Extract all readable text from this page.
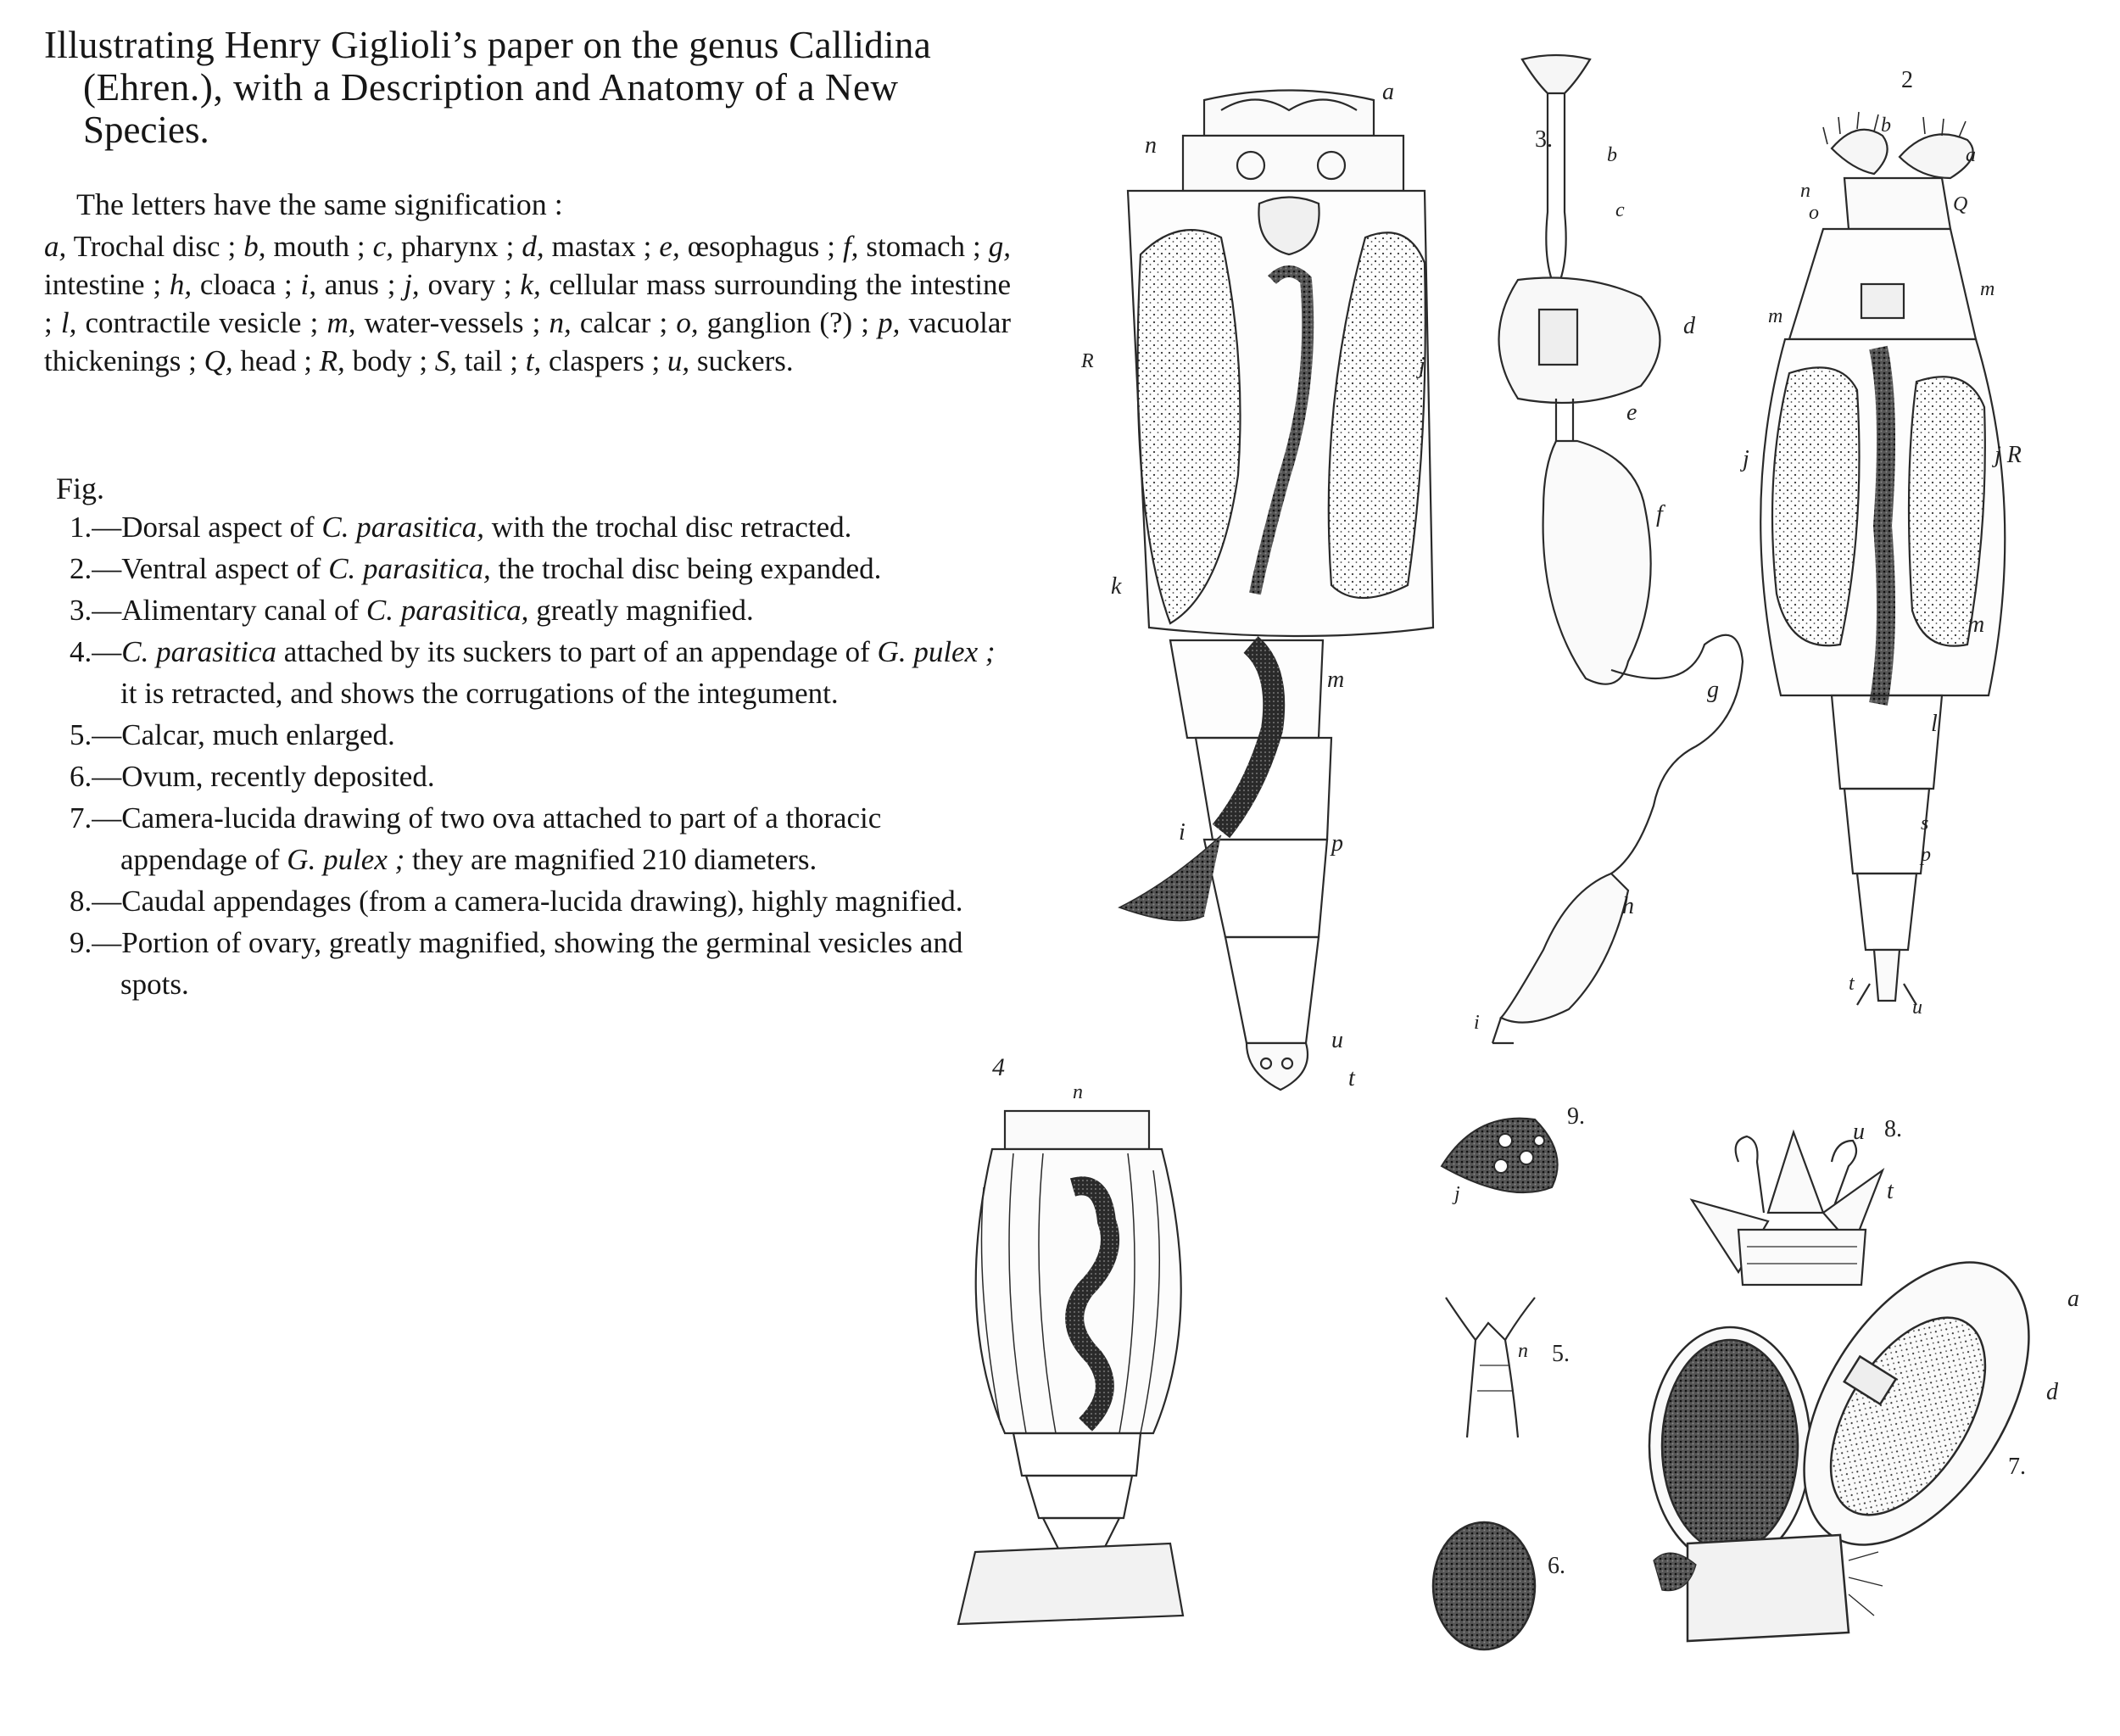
Illustrating Henry Giglioli’s paper on the genus Callidina
(Ehren.), with a Description and Anatomy of a New
Species.
The letters have the same signification :
a, Trochal disc ; b, mouth ; c, pharynx ; d, mastax ; e, œsophagus ; f, stomach ; g, intestine ; h, cloaca ; i, anus ; j, ovary ; k, cellular mass surrounding the intestine ; l, contractile vesicle ; m, water-vessels ; n, calcar ; o, ganglion (?) ; p, vacuolar thickenings ; Q, head ; R, body ; S, tail ; t, claspers ; u, suckers.
Fig.
1.—Dorsal aspect of C. parasitica, with the trochal disc retracted.
2.—Ventral aspect of C. parasitica, the trochal disc being expanded.
3.—Alimentary canal of C. parasitica, greatly magnified.
4.—C. parasitica attached by its suckers to part of an appendage of G. pulex ; it is retracted, and shows the corrugations of the integument.
5.—Calcar, much enlarged.
6.—Ovum, recently deposited.
7.—Camera-lucida drawing of two ova attached to part of a thoracic appendage of G. pulex ; they are magnified 210 diameters.
8.—Caudal appendages (from a camera-lucida drawing), highly magnified.
9.—Portion of ovary, greatly magnified, showing the germinal vesicles and spots.
2
3.
4
9.	8.
5.
6.
7.
a
n
R	j
k
m
p
i
u
t
b
a
n
o	Q
m
m
j	j R
m
l
s
p
t
u
b
c
d
e
f
g
h
i
n
n
a
d
u
t
j
